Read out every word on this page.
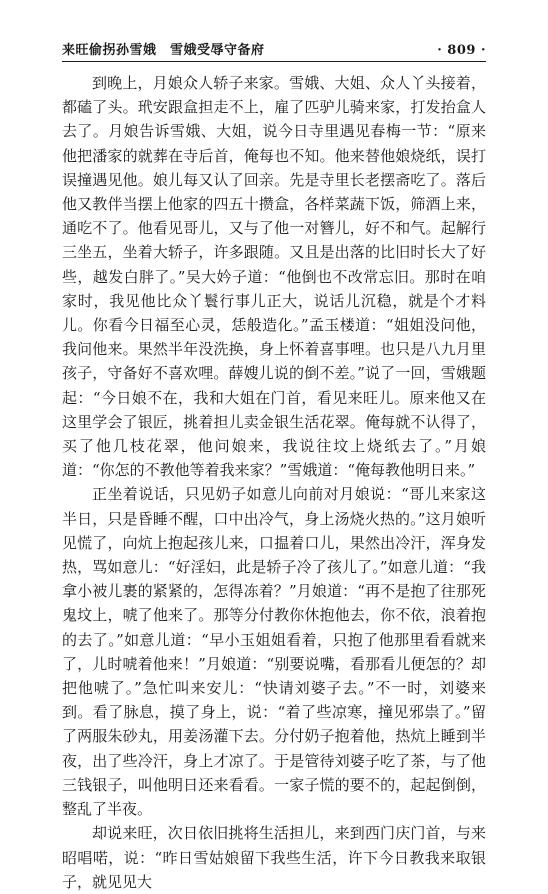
来旺偷拐孙雪娥　雪娥受辱守备府	· 809 ·

到晚上，月娘众人轿子来家。雪娥、大姐、众人丫头接着，都磕了头。玳安跟盒担走不上，雇了匹驴儿骑来家，打发抬盒人去了。月娘告诉雪娥、大姐，说今日寺里遇见春梅一节：“原来他把潘家的就葬在寺后首，俺每也不知。他来替他娘烧纸，误打误撞遇见他。娘儿每又认了回亲。先是寺里长老摆斋吃了。落后他又教伴当摆上他家的四五十攒盒，各样菜蔬下饭，筛酒上来，通吃不了。他看见哥儿，又与了他一对簪儿，好不和气。起解行三坐五，坐着大轿子，许多跟随。又且是出落的比旧时长大了好些，越发白胖了。”吴大妗子道：“他倒也不改常忘旧。那时在咱家时，我见他比众丫鬟行事儿正大，说话儿沉稳，就是个才料儿。你看今日福至心灵，恁般造化。”孟玉楼道：“姐姐没问他，我问他来。果然半年没洗换，身上怀着喜事哩。也只是八九月里孩子，守备好不喜欢哩。薛嫂儿说的倒不差。”说了一回，雪娥题起：“今日娘不在，我和大姐在门首，看见来旺儿。原来他又在这里学会了银匠，挑着担儿卖金银生活花翠。俺每就不认得了，买了他几枝花翠，他问娘来，我说往坟上烧纸去了。”月娘道：“你怎的不教他等着我来家？”雪娥道：“俺每教他明日来。”

正坐着说话，只见奶子如意儿向前对月娘说：“哥儿来家这半日，只是昏睡不醒，口中出冷气，身上汤烧火热的。”这月娘听见慌了，向炕上抱起孩儿来，口揾着口儿，果然出冷汗，浑身发热，骂如意儿：“好淫妇，此是轿子冷了孩儿了。”如意儿道：“我拿小被儿裹的紧紧的，怎得冻着？”月娘道：“再不是抱了往那死鬼坟上，唬了他来了。那等分付教你休抱他去，你不依，浪着抱的去了。”如意儿道：“早小玉姐姐看着，只抱了他那里看看就来了，儿时唬着他来！”月娘道：“别要说嘴，看那看儿便怎的？却把他唬了。”急忙叫来安儿：“快请刘婆子去。”不一时，刘婆来到。看了脉息，摸了身上，说：“着了些凉寒，撞见邪祟了。”留了两服朱砂丸，用姜汤灌下去。分付奶子抱着他，热炕上睡到半夜，出了些冷汗，身上才凉了。于是管待刘婆子吃了茶，与了他三钱银子，叫他明日还来看看。一家子慌的要不的，起起倒倒，整乱了半夜。

却说来旺，次日依旧挑将生活担儿，来到西门庆门首，与来昭唱喏，说：“昨日雪姑娘留下我些生活，许下今日教我来取银子，就见见大
